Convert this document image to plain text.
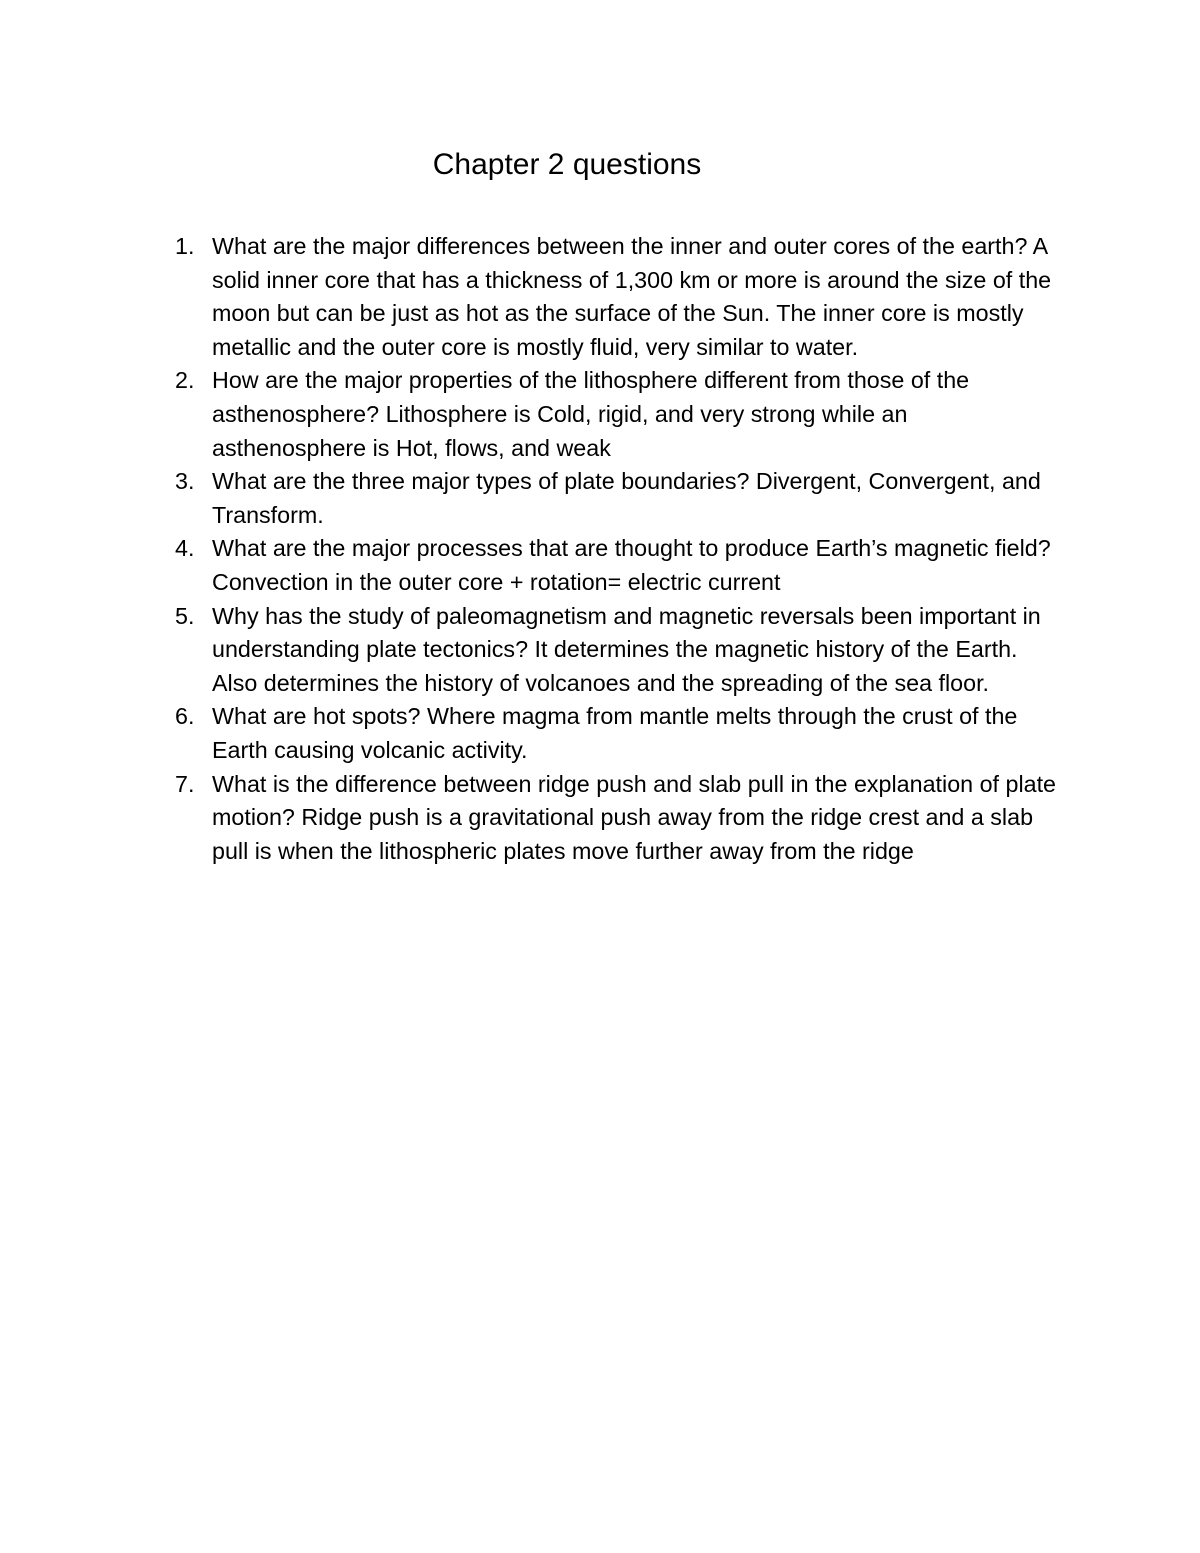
Chapter 2 questions
1. What are the major differences between the inner and outer cores of the earth? A solid inner core that has a thickness of 1,300 km or more is around the size of the moon but can be just as hot as the surface of the Sun. The inner core is mostly metallic and the outer core is mostly fluid, very similar to water.
2. How are the major properties of the lithosphere different from those of the asthenosphere? Lithosphere is Cold, rigid, and very strong while an asthenosphere is Hot, flows, and weak
3. What are the three major types of plate boundaries? Divergent, Convergent, and Transform.
4. What are the major processes that are thought to produce Earth’s magnetic field? Convection in the outer core + rotation= electric current
5. Why has the study of paleomagnetism and magnetic reversals been important in understanding plate tectonics? It determines the magnetic history of the Earth. Also determines the history of volcanoes and the spreading of the sea floor.
6. What are hot spots? Where magma from mantle melts through the crust of the Earth causing volcanic activity.
7. What is the difference between ridge push and slab pull in the explanation of plate motion? Ridge push is a gravitational push away from the ridge crest and a slab pull is when the lithospheric plates move further away from the ridge
